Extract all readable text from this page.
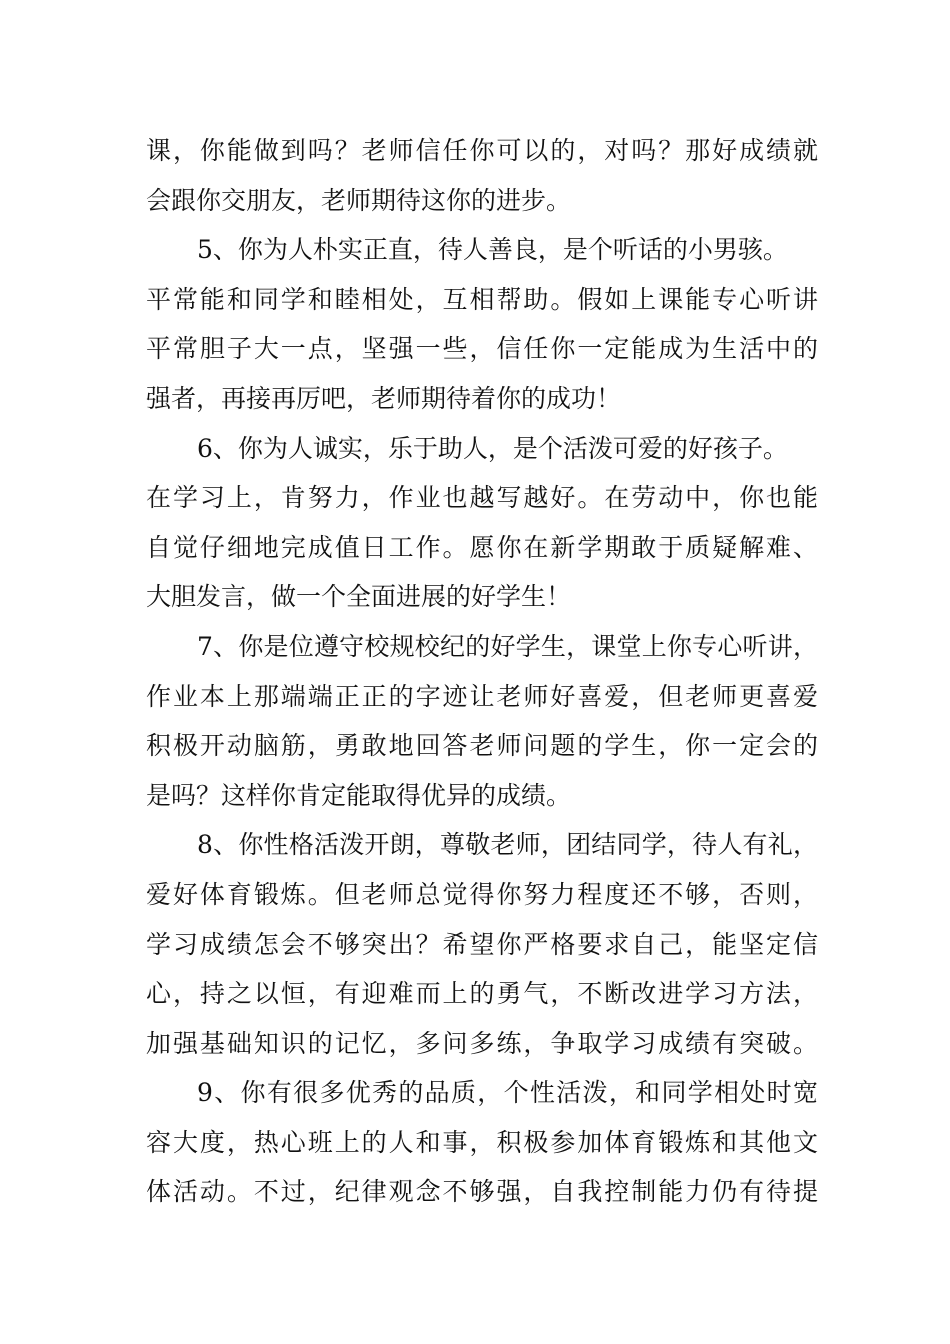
课，你能做到吗？老师信任你可以的，对吗？那好成绩就
会跟你交朋友，老师期待这你的进步。
5、你为人朴实正直，待人善良，是个听话的小男骇。
平常能和同学和睦相处，互相帮助。假如上课能专心听讲
平常胆子大一点，坚强一些，信任你一定能成为生活中的
强者，再接再厉吧，老师期待着你的成功！
6、你为人诚实，乐于助人，是个活泼可爱的好孩子。
在学习上，肯努力，作业也越写越好。在劳动中，你也能
自觉仔细地完成值日工作。愿你在新学期敢于质疑解难、
大胆发言，做一个全面进展的好学生！
7、你是位遵守校规校纪的好学生，课堂上你专心听讲，
作业本上那端端正正的字迹让老师好喜爱，但老师更喜爱
积极开动脑筋，勇敢地回答老师问题的学生，你一定会的
是吗？这样你肯定能取得优异的成绩。
8、你性格活泼开朗，尊敬老师，团结同学，待人有礼，
爱好体育锻炼。但老师总觉得你努力程度还不够，否则，
学习成绩怎会不够突出？希望你严格要求自己，能坚定信
心，持之以恒，有迎难而上的勇气，不断改进学习方法，
加强基础知识的记忆，多问多练，争取学习成绩有突破。
9、你有很多优秀的品质，个性活泼，和同学相处时宽
容大度，热心班上的人和事，积极参加体育锻炼和其他文
体活动。不过，纪律观念不够强，自我控制能力仍有待提
